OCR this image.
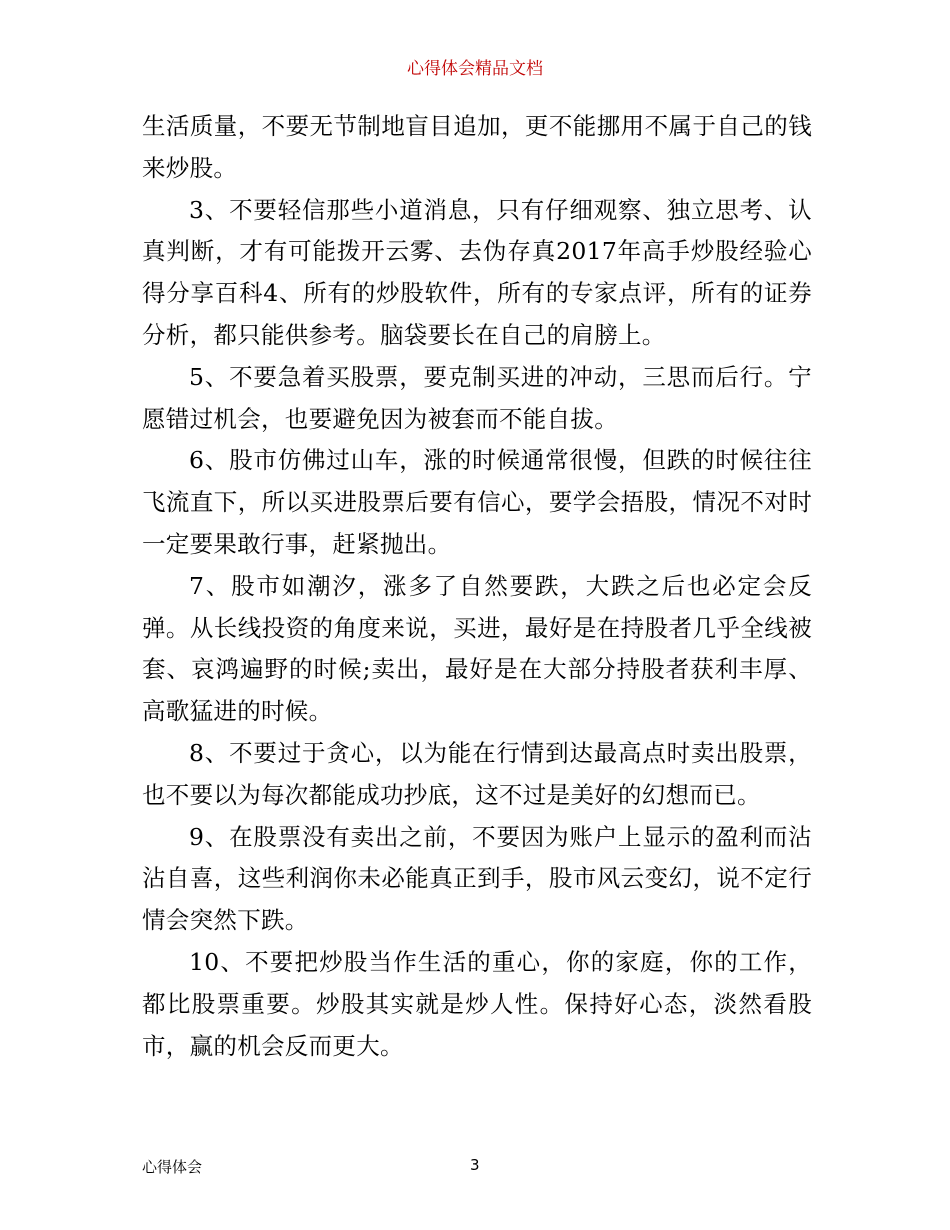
心得体会精品文档

生活质量，不要无节制地盲目追加，更不能挪用不属于自己的钱来炒股。

3、不要轻信那些小道消息，只有仔细观察、独立思考、认真判断，才有可能拨开云雾、去伪存真2017年高手炒股经验心得分享百科4、所有的炒股软件，所有的专家点评，所有的证券分析，都只能供参考。脑袋要长在自己的肩膀上。

5、不要急着买股票，要克制买进的冲动，三思而后行。宁愿错过机会，也要避免因为被套而不能自拔。

6、股市仿佛过山车，涨的时候通常很慢，但跌的时候往往飞流直下，所以买进股票后要有信心，要学会捂股，情况不对时一定要果敢行事，赶紧抛出。

7、股市如潮汐，涨多了自然要跌，大跌之后也必定会反弹。从长线投资的角度来说，买进，最好是在持股者几乎全线被套、哀鸿遍野的时候;卖出，最好是在大部分持股者获利丰厚、高歌猛进的时候。

8、不要过于贪心，以为能在行情到达最高点时卖出股票，也不要以为每次都能成功抄底，这不过是美好的幻想而已。

9、在股票没有卖出之前，不要因为账户上显示的盈利而沾沾自喜，这些利润你未必能真正到手，股市风云变幻，说不定行情会突然下跌。

10、不要把炒股当作生活的重心，你的家庭，你的工作，都比股票重要。炒股其实就是炒人性。保持好心态，淡然看股市，赢的机会反而更大。

心得体会	3
